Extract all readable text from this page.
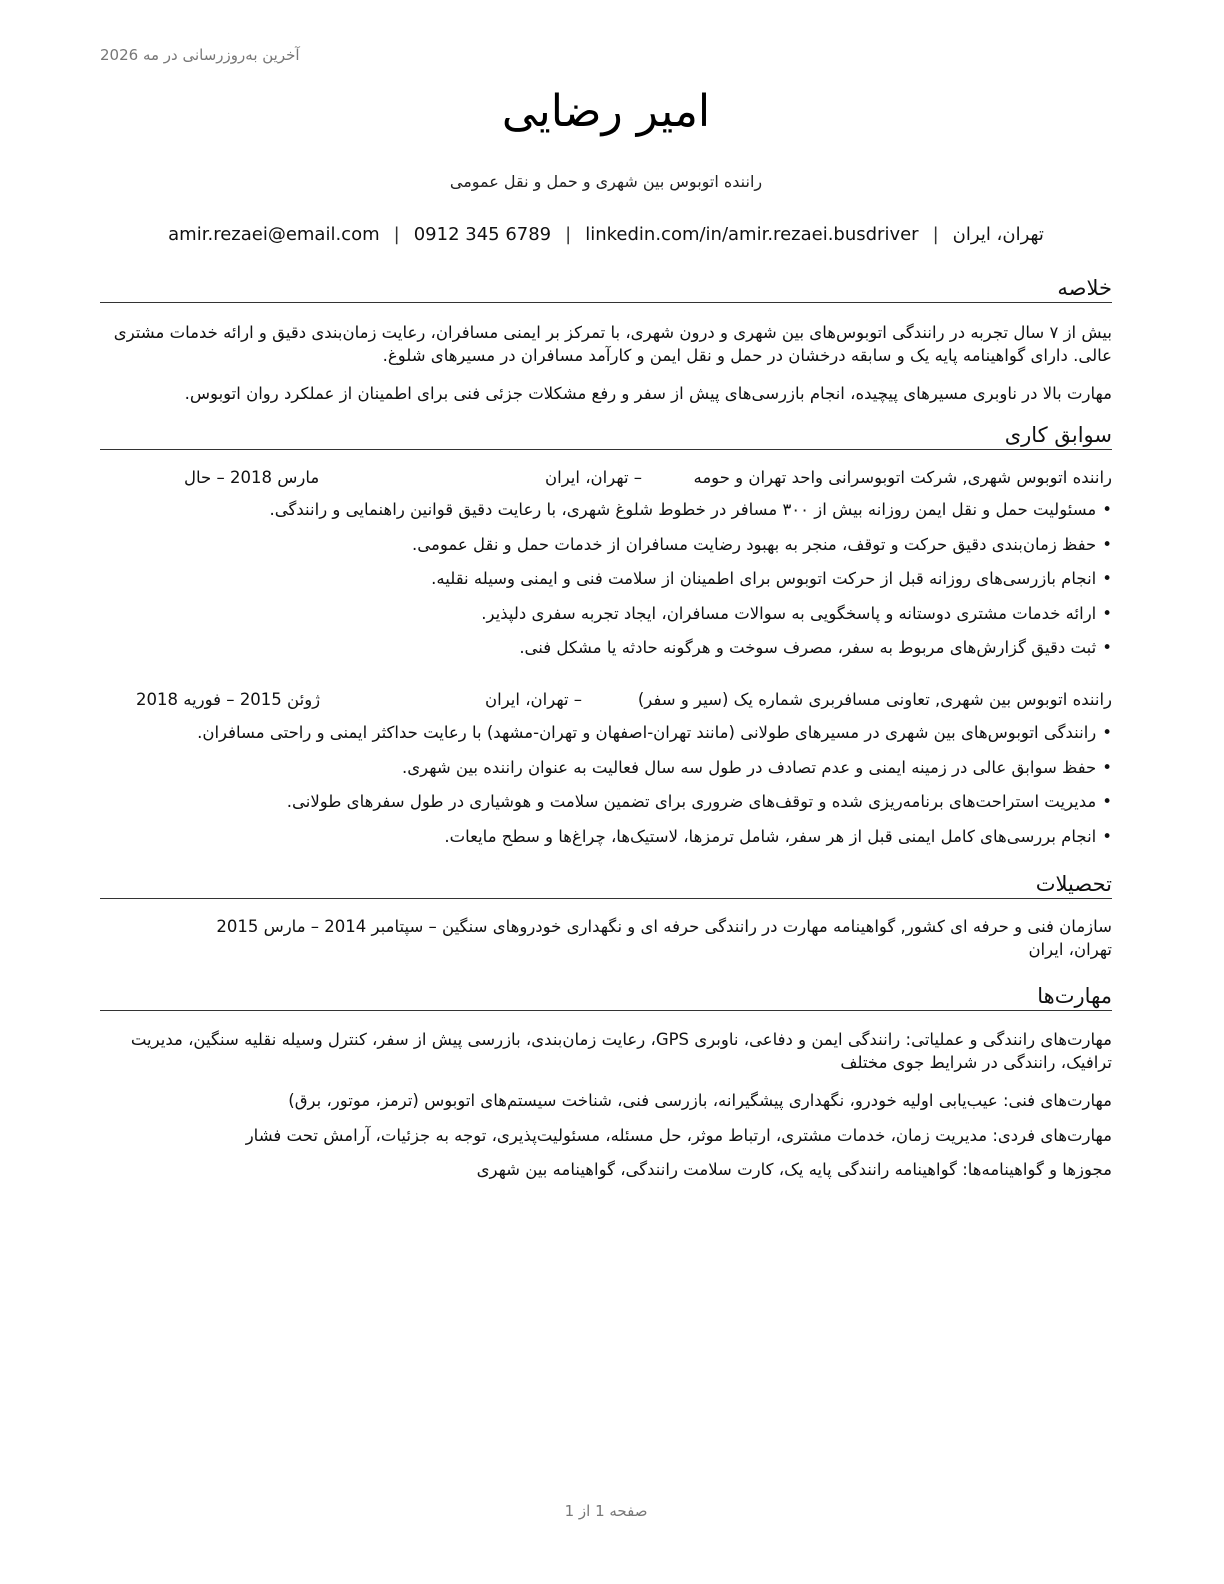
آخرین به‌روزرسانی در مه 2026
امیر رضایی
راننده اتوبوس بین شهری و حمل و نقل عمومی
تهران، ایران|amir.rezaei@email.com | 0912 345 6789 | linkedin.com/in/amir.rezaei.busdriver
خلاصه
بیش از ۷ سال تجربه در رانندگی اتوبوس‌های بین شهری و درون شهری، با تمرکز بر ایمنی مسافران، رعایت زمان‌بندی دقیق و ارائه خدمات مشتری عالی. دارای گواهینامه پایه یک و سابقه درخشان در حمل و نقل ایمن و کارآمد مسافران در مسیرهای شلوغ.
مهارت بالا در ناوبری مسیرهای پیچیده، انجام بازرسی‌های پیش از سفر و رفع مشکلات جزئی فنی برای اطمینان از عملکرد روان اتوبوس.
سوابق کاری
راننده اتوبوس شهری, شرکت اتوبوسرانی واحد تهران و حومه
– تهران، ایران
مارس 2018 – حال
•مسئولیت حمل و نقل ایمن روزانه بیش از ۳۰۰ مسافر در خطوط شلوغ شهری، با رعایت دقیق قوانین راهنمایی و رانندگی.
•حفظ زمان‌بندی دقیق حرکت و توقف، منجر به بهبود رضایت مسافران از خدمات حمل و نقل عمومی.
•انجام بازرسی‌های روزانه قبل از حرکت اتوبوس برای اطمینان از سلامت فنی و ایمنی وسیله نقلیه.
•ارائه خدمات مشتری دوستانه و پاسخگویی به سوالات مسافران، ایجاد تجربه سفری دلپذیر.
•ثبت دقیق گزارش‌های مربوط به سفر، مصرف سوخت و هرگونه حادثه یا مشکل فنی.
راننده اتوبوس بین شهری, تعاونی مسافربری شماره یک (سیر و سفر)
– تهران، ایران
ژوئن 2015 – فوریه 2018
•رانندگی اتوبوس‌های بین شهری در مسیرهای طولانی (مانند تهران-اصفهان و تهران-مشهد) با رعایت حداکثر ایمنی و راحتی مسافران.
•حفظ سوابق عالی در زمینه ایمنی و عدم تصادف در طول سه سال فعالیت به عنوان راننده بین شهری.
•مدیریت استراحت‌های برنامه‌ریزی شده و توقف‌های ضروری برای تضمین سلامت و هوشیاری در طول سفرهای طولانی.
•انجام بررسی‌های کامل ایمنی قبل از هر سفر، شامل ترمزها، لاستیک‌ها، چراغ‌ها و سطح مایعات.
تحصیلات
سازمان فنی و حرفه ای کشور, گواهینامه مهارت در رانندگی حرفه ای و نگهداری خودروهای سنگین – سپتامبر 2014 – مارس 2015
تهران، ایران
مهارت‌ها
مهارت‌های رانندگی و عملیاتی: رانندگی ایمن و دفاعی، ناوبری GPS، رعایت زمان‌بندی، بازرسی پیش از سفر، کنترل وسیله نقلیه سنگین، مدیریت ترافیک، رانندگی در شرایط جوی مختلف
مهارت‌های فنی: عیب‌یابی اولیه خودرو، نگهداری پیشگیرانه، بازرسی فنی، شناخت سیستم‌های اتوبوس (ترمز، موتور، برق)
مهارت‌های فردی: مدیریت زمان، خدمات مشتری، ارتباط موثر، حل مسئله، مسئولیت‌پذیری، توجه به جزئیات، آرامش تحت فشار
مجوزها و گواهینامه‌ها: گواهینامه رانندگی پایه یک، کارت سلامت رانندگی، گواهینامه بین شهری
صفحه 1 از 1
